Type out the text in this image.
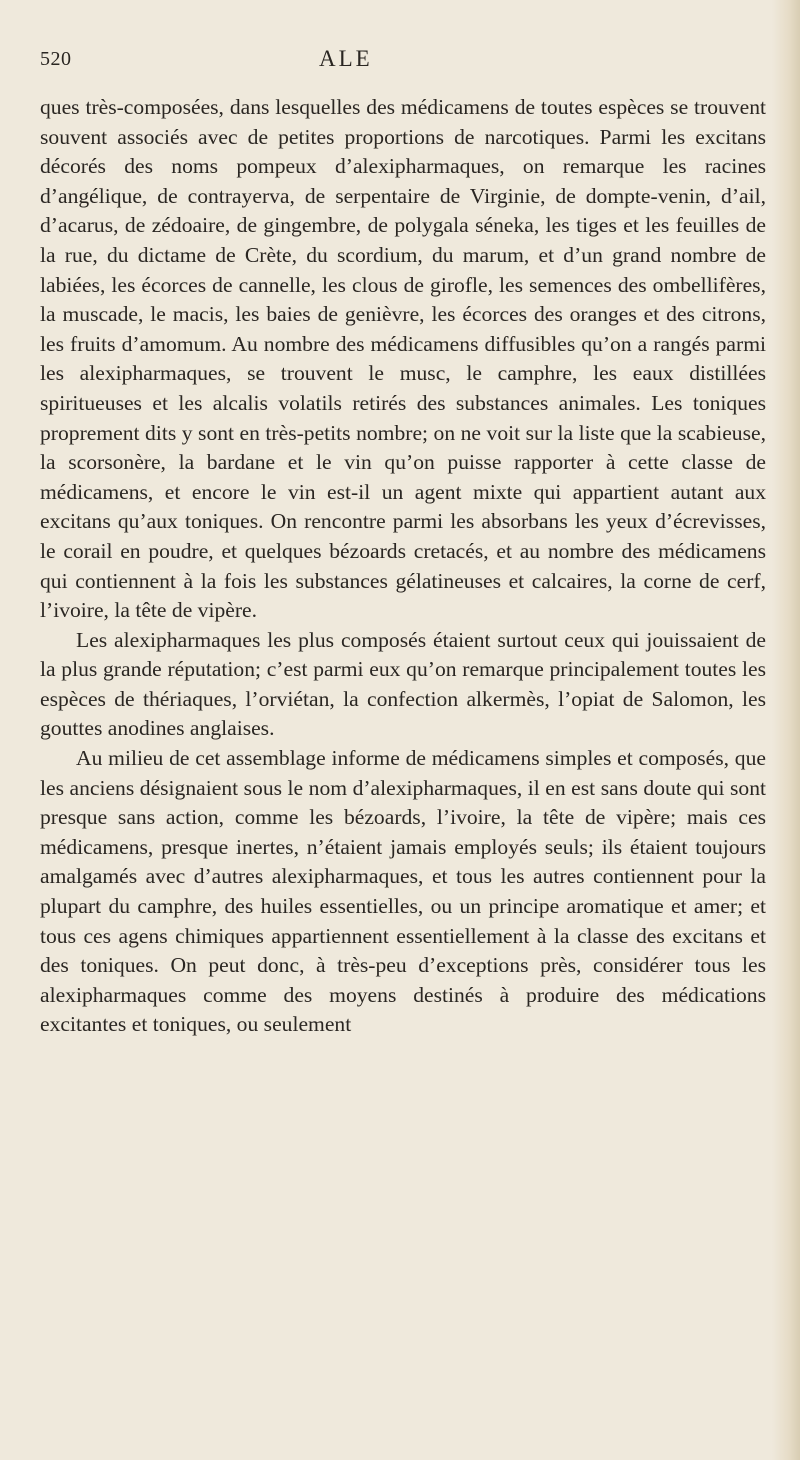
520	ALE

ques très-composées, dans lesquelles des médicamens de toutes espèces se trouvent souvent associés avec de petites proportions de narcotiques. Parmi les excitans décorés des noms pompeux d’alexipharmaques, on remarque les racines d’angélique, de contrayerva, de serpentaire de Virginie, de dompte-venin, d’ail, d’acarus, de zédoaire, de gingembre, de polygala séneka, les tiges et les feuilles de la rue, du dictame de Crète, du scordium, du marum, et d’un grand nombre de labiées, les écorces de cannelle, les clous de girofle, les semences des ombellifères, la muscade, le macis, les baies de genièvre, les écorces des oranges et des citrons, les fruits d’amomum. Au nombre des médicamens diffusibles qu’on a rangés parmi les alexipharmaques, se trouvent le musc, le camphre, les eaux distillées spiritueuses et les alcalis volatils retirés des substances animales. Les toniques proprement dits y sont en très-petits nombre; on ne voit sur la liste que la scabieuse, la scorsonère, la bardane et le vin qu’on puisse rapporter à cette classe de médicamens, et encore le vin est-il un agent mixte qui appartient autant aux excitans qu’aux toniques. On rencontre parmi les absorbans les yeux d’écrevisses, le corail en poudre, et quelques bézoards cretacés, et au nombre des médicamens qui contiennent à la fois les substances gélatineuses et calcaires, la corne de cerf, l’ivoire, la tête de vipère.

Les alexipharmaques les plus composés étaient surtout ceux qui jouissaient de la plus grande réputation; c’est parmi eux qu’on remarque principalement toutes les espèces de thériaques, l’orviétan, la confection alkermès, l’opiat de Salomon, les gouttes anodines anglaises.

Au milieu de cet assemblage informe de médicamens simples et composés, que les anciens désignaient sous le nom d’alexipharmaques, il en est sans doute qui sont presque sans action, comme les bézoards, l’ivoire, la tête de vipère; mais ces médicamens, presque inertes, n’étaient jamais employés seuls; ils étaient toujours amalgamés avec d’autres alexipharmaques, et tous les autres contiennent pour la plupart du camphre, des huiles essentielles, ou un principe aromatique et amer; et tous ces agens chimiques appartiennent essentiellement à la classe des excitans et des toniques. On peut donc, à très-peu d’exceptions près, considérer tous les alexipharmaques comme des moyens destinés à produire des médications excitantes et toniques, ou seulement
